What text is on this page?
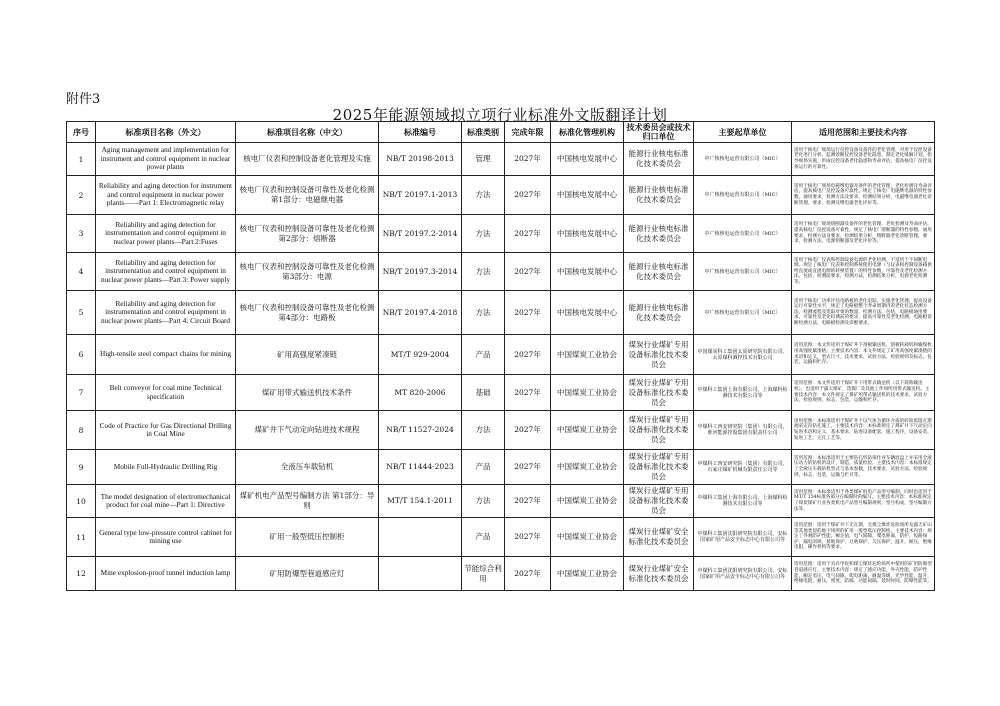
附件3
2025年能源领域拟立项行业标准外文版翻译计划
序号	标准项目名称（外文）	标准项目名称（中文）	标准编号	标准类别	完成年限	标准化管理机构	技术委员会或技术归口单位	主要起草单位	适用范围和主要技术内容
1	Aging management and implementation for instrument and control equipment in nuclear power plants	核电厂仪表和控制设备老化管理及实施	NB/T 20198-2013	管理	2027年	中国核电发展中心	能源行业核电标准化技术委员会	中广核核电运营有限公司（MIC）	适用于核电厂规场运行仪控设备及备件的老化管理，对用于仪控设备老化进行分析、监测诊断仪控设备老化隐患，制定老化缓解计划，指导规场实施，形成仪控设备老化隐患和寿命评估，提高核电厂仪控设备运行的可靠性。
2	Reliability and aging detection for instrument and control equipment in nuclear power plants——Part 1: Electromagnetic relay	核电厂仪表和控制设备可靠性及老化检测第1部分：电磁继电器	NB/T 20197.1-2013	方法	2027年	中国核电发展中心	能源行业核电标准化技术委员会	中广核核电运营有限公司（MIC）	适用于核电厂规场电磁继电器及备件的老化管理，老化检测及寿命评估，提高核电厂仪控设备可靠性。规定了核电厂电磁继电器的特性参数，通用要求，检测方法及要求，检测结果分析，电磁继电器老化诊断管理，要求，检测及继电器老化评价等。
3	Reliability and aging detection for instrumentation and control equipment in nuclear power plants—Part 2:Fuses	核电厂仪表和控制设备可靠性及老化检测第2部分：熔断器	NB/T 20197.2-2014	方法	2027年	中国核电发展中心	能源行业核电标准化技术委员会	中广核核电运营有限公司（MIC）	适用于核电厂规场熔断器及备件的老化管理，老化检测及寿命评估，提高核电厂仪控设备可靠性，规定了核电厂熔断器的特性参数，通用要求，检测方法及要求，检测结果分析，熔断器老化诊断管理，要求，检测方法，电源熔断器及老化评价等。
4	Reliability and aging detection for instrumentation and control equipment in nuclear power plants—Part 3: Power supply	核电厂仪表和控制设备可靠性及老化检测第3部分：电源	NB/T 20197.3-2014	方法	2027年	中国核电发展中心	能源行业核电标准化技术委员会	中广核核电运营有限公司（MIC）	适用于核电厂仪表和控制设备电源的老化检测，不适用于不间断电源。规定了核电厂仪表和控制系统使用电源（与仪表和控制设备箱供给直流或直流电源的转换装置）的特性参数，可靠性及老化检测方法，包括，检测前要求，检测方法，检测结果分析，电源老化检测等。
5	Reliability and aging detection for instrumentation and control equipment in nuclear power plants—Part 4: Circuit Board	核电厂仪表和控制设备可靠性及老化检测第4部分：电路板	NB/T 20197.4-2018	方法	2027年	中国核电发展中心	能源行业核电标准化技术委员会	中广核核电运营有限公司（MIC）	适用于核电厂功率评估电路板的老化追踪，实施老化管理，提高设备运行可靠性水平，规定了电路板整个寿命周期内的老化状态检测方法，检测流程及选取对象的数量，检测方法，包括，电路板通用要求，可靠性及老化检测前的要求，提高可靠性及老化检测，电路板诊断检测方法，电路板检测及诊断要求。
6	High-tensile steel compact chains for mining	矿用高强度紧凑链	MT/T 929-2004	产品	2027年	中国煤炭工业协会	煤炭行业煤矿专用设备标准化技术委员会	中国煤炭科工集团太原研究院有限公司、太原煤科测控技术有限公司	适用范围：本文件适用于煤矿井下刮板输送机、刮板转载机和输煤机用高强度紧凑链。主要技术内容：本文件规定了矿用高强度紧凑链的术语和定义，型式尺寸，技术要求，试验方法，检验规则及标志，包装，运输和贮存。
7	Belt conveyor for coal mine Technical specification	煤矿用带式输送机技术条件	MT 820-2006	基础	2027年	中国煤炭工业协会	煤炭行业煤矿专用设备标准化技术委员会	中煤科工集团上海有限公司、上海煤科检测技术有限公司等	适用范围：本文件适用于煤矿井下用带式输送机（以下简称输送机），也适用于露天煤矿，选煤厂及其他工作场所用带式输送机。主要技术内容：本文件规定了煤矿用带式输送机的技术要求，试验方法，检验规则，标志，包装，运输和贮存。
8	Code of Practice for Gas Directional Drilling in Coal Mine	煤矿井下气动定向钻进技术规程	NB/T 11527-2024	方法	2027年	中国煤炭工业协会	煤炭行业煤矿专用设备标准化技术委员会	中煤科工西安研究院（集团）有限公司，淮河能源控股集团有限责任公司	适用范围：本标准适用于煤矿井下以气体为循环介质的碎软低阻瓦斯抽采定向钻孔施工。主要技术内容：本标准规定了煤矿井下气动定向钻进术语和定义，基本要求，钻进设备配套，施工程序，设备安装，钻进工艺，完孔工艺等。
9	Mobile Full-Hydraulic Drilling Rig	全液压车载钻机	NB/T 11444-2023	产品	2027年	中国煤炭工业协会	煤炭行业煤矿专用设备标准化技术委员会	中煤科工西安研究院（集团）有限公司，石家庄煤矿机械有限责任公司等	适用范围：本标准适用于主要钻孔机钻探作业车辆底盘上并采用全液压动力的钻机的设计，制造，质量检验。主要技术内容：本标准规定了全液压车载钻机型式与基本参数，技术要求，试验方法，检验规则，标志，包装，运输与贮存等。
10	The model designation of electromechanical product for coal mine—Part 1: Directive	煤矿机电产品型号编制方法 第1部分：导则	MT/T 154.1-2011	方法	2027年	中国煤炭工业协会	煤炭行业煤矿专用设备标准化技术委员会	中煤科工集团上海有限公司、上海煤科检测技术有限公司等	适用范围：本标准适用于各类煤矿机电产品型号编制，同时也适用于MT/T 154标准各部分在编制时的编写。主要技术内容：本标准规定了煤炭煤矿行业各类机电产品型号编制规则，型号构成，型号编制方法等。
11	General type low-pressure control cabinet for mining use	矿用一般型低压控制柜		产品	2027年	中国煤炭工业协会	煤炭行业煤矿安全标准化技术委员会	中煤科工集团沈阳研究院有限公司，安标国家矿用产品安全标志中心有限公司等	适用范围：适用于煤矿井下无瓦斯，无煤尘爆炸危险场所及露天矿山等其他类似的地下场所的矿用一般型低压控制柜。主要技术内容：规定了外观防护性能，额定值，电气间隙，爬电距离，防护，短路保护，漏电闭锁，接地保护，过载保护，欠压保护，温升，耐压，绝缘电阻，操作机构等要求。
12	Mine explosion-proof tunnel induction lamp	矿用防爆型巷道感应灯		节能综合利用	2027年	中国煤炭工业协会	煤炭行业煤矿安全标准化技术委员会	中煤科工集团沈阳研究院有限公司，安标国家矿用产品安全标志中心有限公司等	适用范围：适用于具有甲烷和煤尘爆炸危险场所中使用的矿用防爆型巷道感应灯。主要技术内容：规定了感应功能，外壳性能，防护性能，额定电压，电气间隙，爬电距离，耐温等级，光学性能，温升，绝缘电阻，耐压，照度，防腐，功能间隔，延时时间，防爆性能等。
